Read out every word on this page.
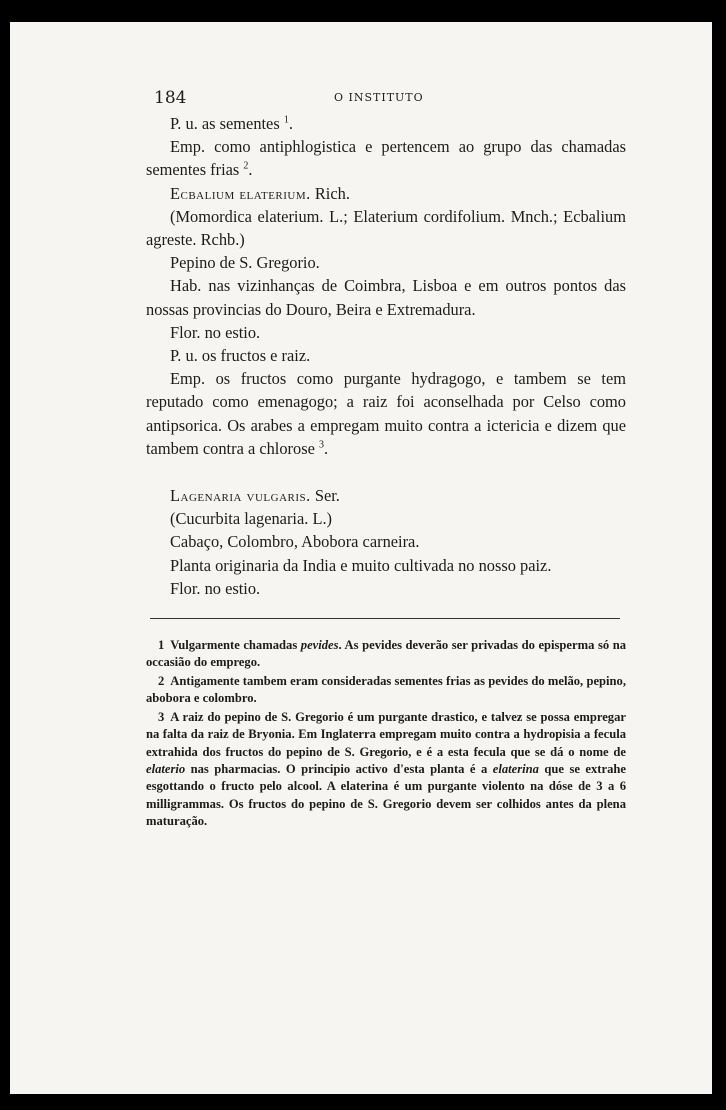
184	O INSTITUTO

P. u. as sementes $^1$.

Emp. como antiphlogistica e pertencem ao grupo das chamadas sementes frias $^2$.

Ecbalium elaterium. Rich.

(Momordica elaterium. L.; Elaterium cordifolium. Mnch.; Ecbalium agreste. Rchb.)

Pepino de S. Gregorio.

Hab. nas vizinhanças de Coimbra, Lisboa e em outros pontos das nossas provincias do Douro, Beira e Extremadura.

Flor. no estio.

P. u. os fructos e raiz.

Emp. os fructos como purgante hydragogo, e tambem se tem reputado como emenagogo; a raiz foi aconselhada por Celso como antipsorica. Os arabes a empregam muito contra a ictericia e dizem que tambem contra a chlorose $^3$.

Lagenaria vulgaris. Ser.

(Cucurbita lagenaria. L.)

Cabaço, Colombro, Abobora carneira.

Planta originaria da India e muito cultivada no nosso paiz.

Flor. no estio.

1 Vulgarmente chamadas pevides. As pevides deverão ser privadas do episperma só na occasião do emprego.

2 Antigamente tambem eram consideradas sementes frias as pevides do melão, pepino, abobora e colombro.

3 A raiz do pepino de S. Gregorio é um purgante drastico, e talvez se possa empregar na falta da raiz de Bryonia. Em Inglaterra empregam muito contra a hydropisia a fecula extrahida dos fructos do pepino de S. Gregorio, e é a esta fecula que se dá o nome de elaterio nas pharmacias. O principio activo d'esta planta é a elaterina que se extrahe esgottando o fructo pelo alcool. A elaterina é um purgante violento na dóse de 3 a 6 milligrammas. Os fructos do pepino de S. Gregorio devem ser colhidos antes da plena maturação.
